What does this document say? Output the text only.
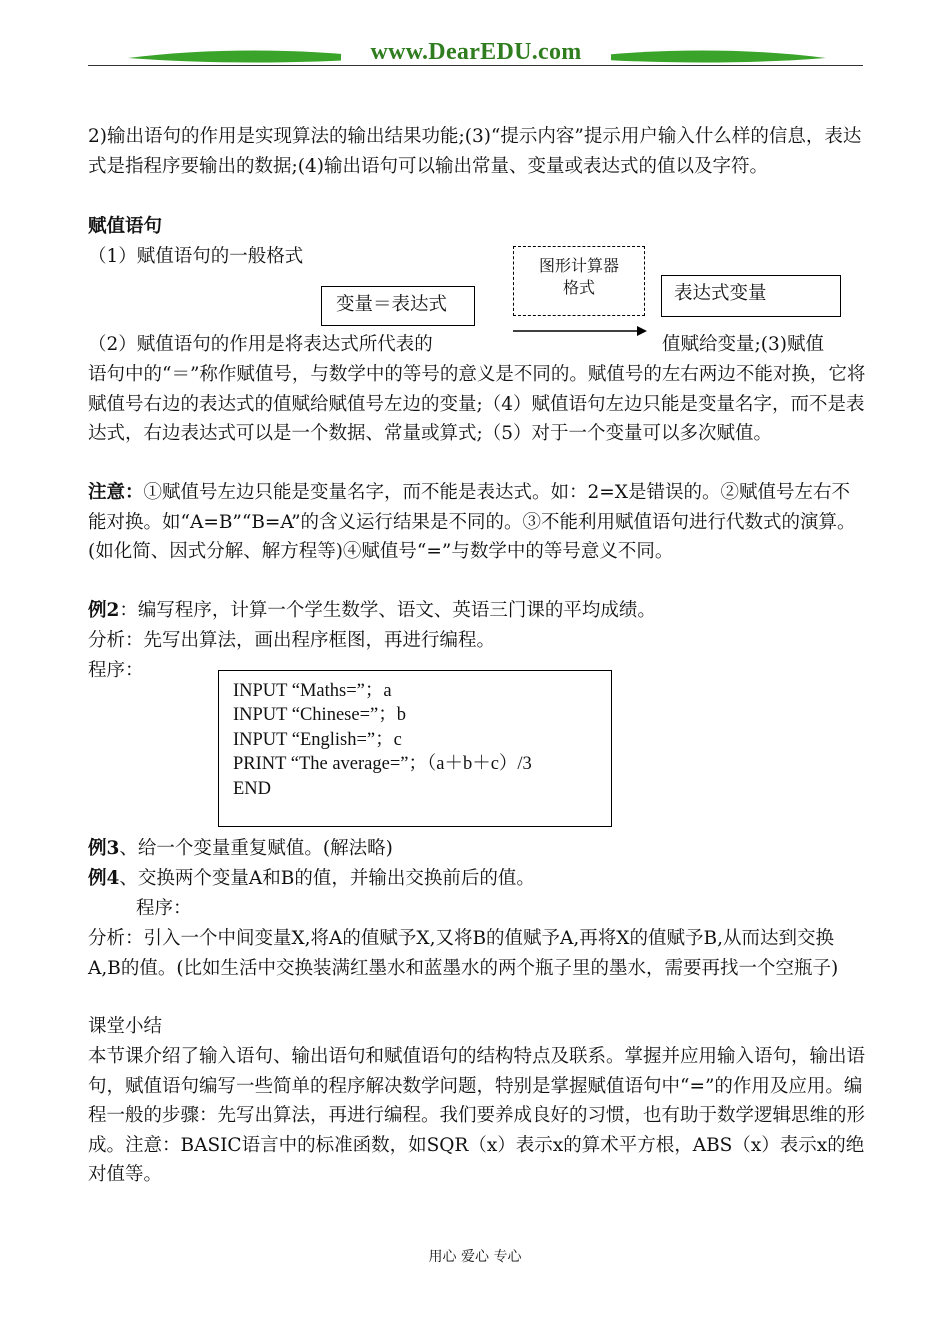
www.DearEDU.com

2)输出语句的作用是实现算法的输出结果功能;(3)“提示内容”提示用户输入什么样的信息，表达式是指程序要输出的数据;(4)输出语句可以输出常量、变量或表达式的值以及字符。

赋值语句

（1）赋值语句的一般格式	图形计算器格式
变量＝表达式
表达式变量

（2）赋值语句的作用是将表达式所代表的	值赋给变量;(3)赋值

语句中的“＝”称作赋值号，与数学中的等号的意义是不同的。赋值号的左右两边不能对换，它将赋值号右边的表达式的值赋给赋值号左边的变量;（4）赋值语句左边只能是变量名字，而不是表达式，右边表达式可以是一个数据、常量或算式;（5）对于一个变量可以多次赋值。

注意：①赋值号左边只能是变量名字，而不能是表达式。如：2=X是错误的。②赋值号左右不能对换。如“A=B”“B=A”的含义运行结果是不同的。③不能利用赋值语句进行代数式的演算。(如化简、因式分解、解方程等)④赋值号“=”与数学中的等号意义不同。

例2：编写程序，计算一个学生数学、语文、英语三门课的平均成绩。

分析：先写出算法，画出程序框图，再进行编程。

程序：

INPUT “Maths=”；a
INPUT “Chinese=”；b
INPUT “English=”；c
PRINT “The average=”；（a＋b＋c）/3
END

例3、给一个变量重复赋值。(解法略)

例4、交换两个变量A和B的值，并输出交换前后的值。

程序：

分析：引入一个中间变量X,将A的值赋予X,又将B的值赋予A,再将X的值赋予B,从而达到交换A,B的值。(比如生活中交换装满红墨水和蓝墨水的两个瓶子里的墨水，需要再找一个空瓶子)

课堂小结

本节课介绍了输入语句、输出语句和赋值语句的结构特点及联系。掌握并应用输入语句，输出语句，赋值语句编写一些简单的程序解决数学问题，特别是掌握赋值语句中“=”的作用及应用。编程一般的步骤：先写出算法，再进行编程。我们要养成良好的习惯，也有助于数学逻辑思维的形成。注意：BASIC语言中的标准函数，如SQR（x）表示x的算术平方根，ABS（x）表示x的绝对值等。

用心 爱心 专心
